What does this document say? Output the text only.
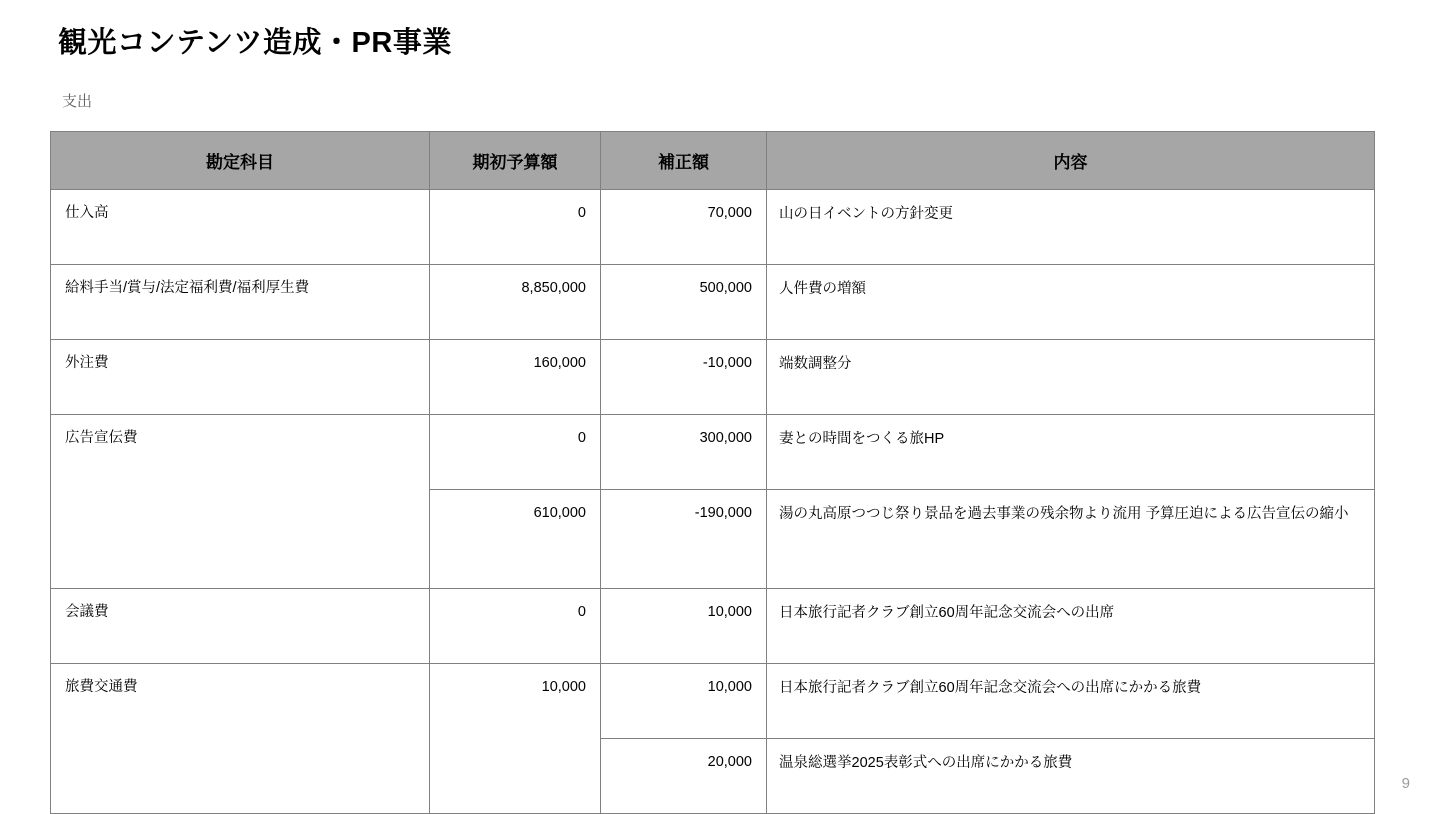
観光コンテンツ造成・PR事業
支出
勘定科目	期初予算額	補正額	内容
仕入高	0	70,000	山の日イベントの方針変更
給料手当/賞与/法定福利費/福利厚生費	8,850,000	500,000	人件費の増額
外注費	160,000	-10,000	端数調整分
広告宣伝費	0	300,000	妻との時間をつくる旅HP
	610,000	-190,000	湯の丸高原つつじ祭り景品を過去事業の残余物より流用 予算圧迫による広告宣伝の縮小
会議費	0	10,000	日本旅行記者クラブ創立60周年記念交流会への出席
旅費交通費	10,000	10,000	日本旅行記者クラブ創立60周年記念交流会への出席にかかる旅費
		20,000	温泉総選挙2025表彰式への出席にかかる旅費
9
